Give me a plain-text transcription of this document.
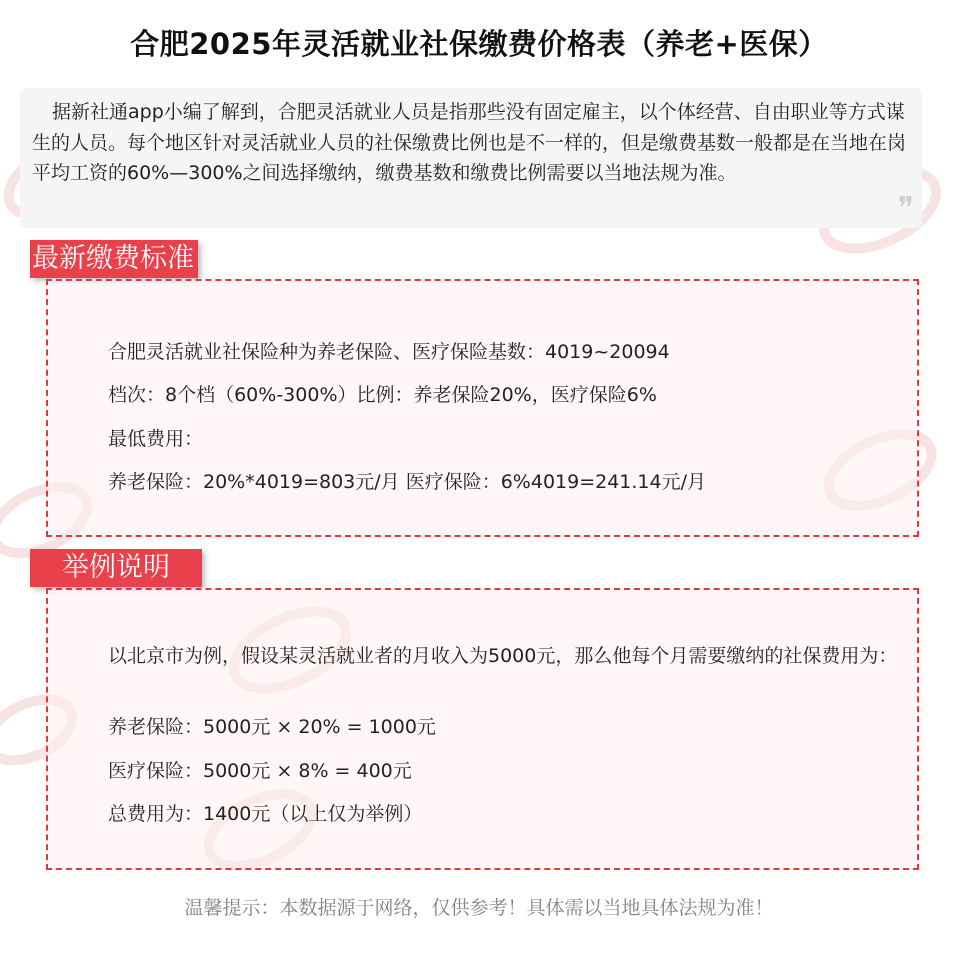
合肥2025年灵活就业社保缴费价格表（养老+医保）
据新社通app小编了解到，合肥灵活就业人员是指那些没有固定雇主，以个体经营、自由职业等方式谋生的人员。每个地区针对灵活就业人员的社保缴费比例也是不一样的，但是缴费基数一般都是在当地在岗平均工资的60%—300%之间选择缴纳，缴费基数和缴费比例需要以当地法规为准。
❞
最新缴费标准
合肥灵活就业社保险种为养老保险、医疗保险基数：4019~20094
档次：8个档（60%-300%）比例：养老保险20%，医疗保险6%
最低费用：
养老保险：20%*4019=803元/月 医疗保险：6%4019=241.14元/月
举例说明
以北京市为例，假设某灵活就业者的月收入为5000元，那么他每个月需要缴纳的社保费用为：
养老保险：5000元 × 20% = 1000元
医疗保险：5000元 × 8% = 400元
总费用为：1400元（以上仅为举例）
温馨提示：本数据源于网络，仅供参考！具体需以当地具体法规为准！
